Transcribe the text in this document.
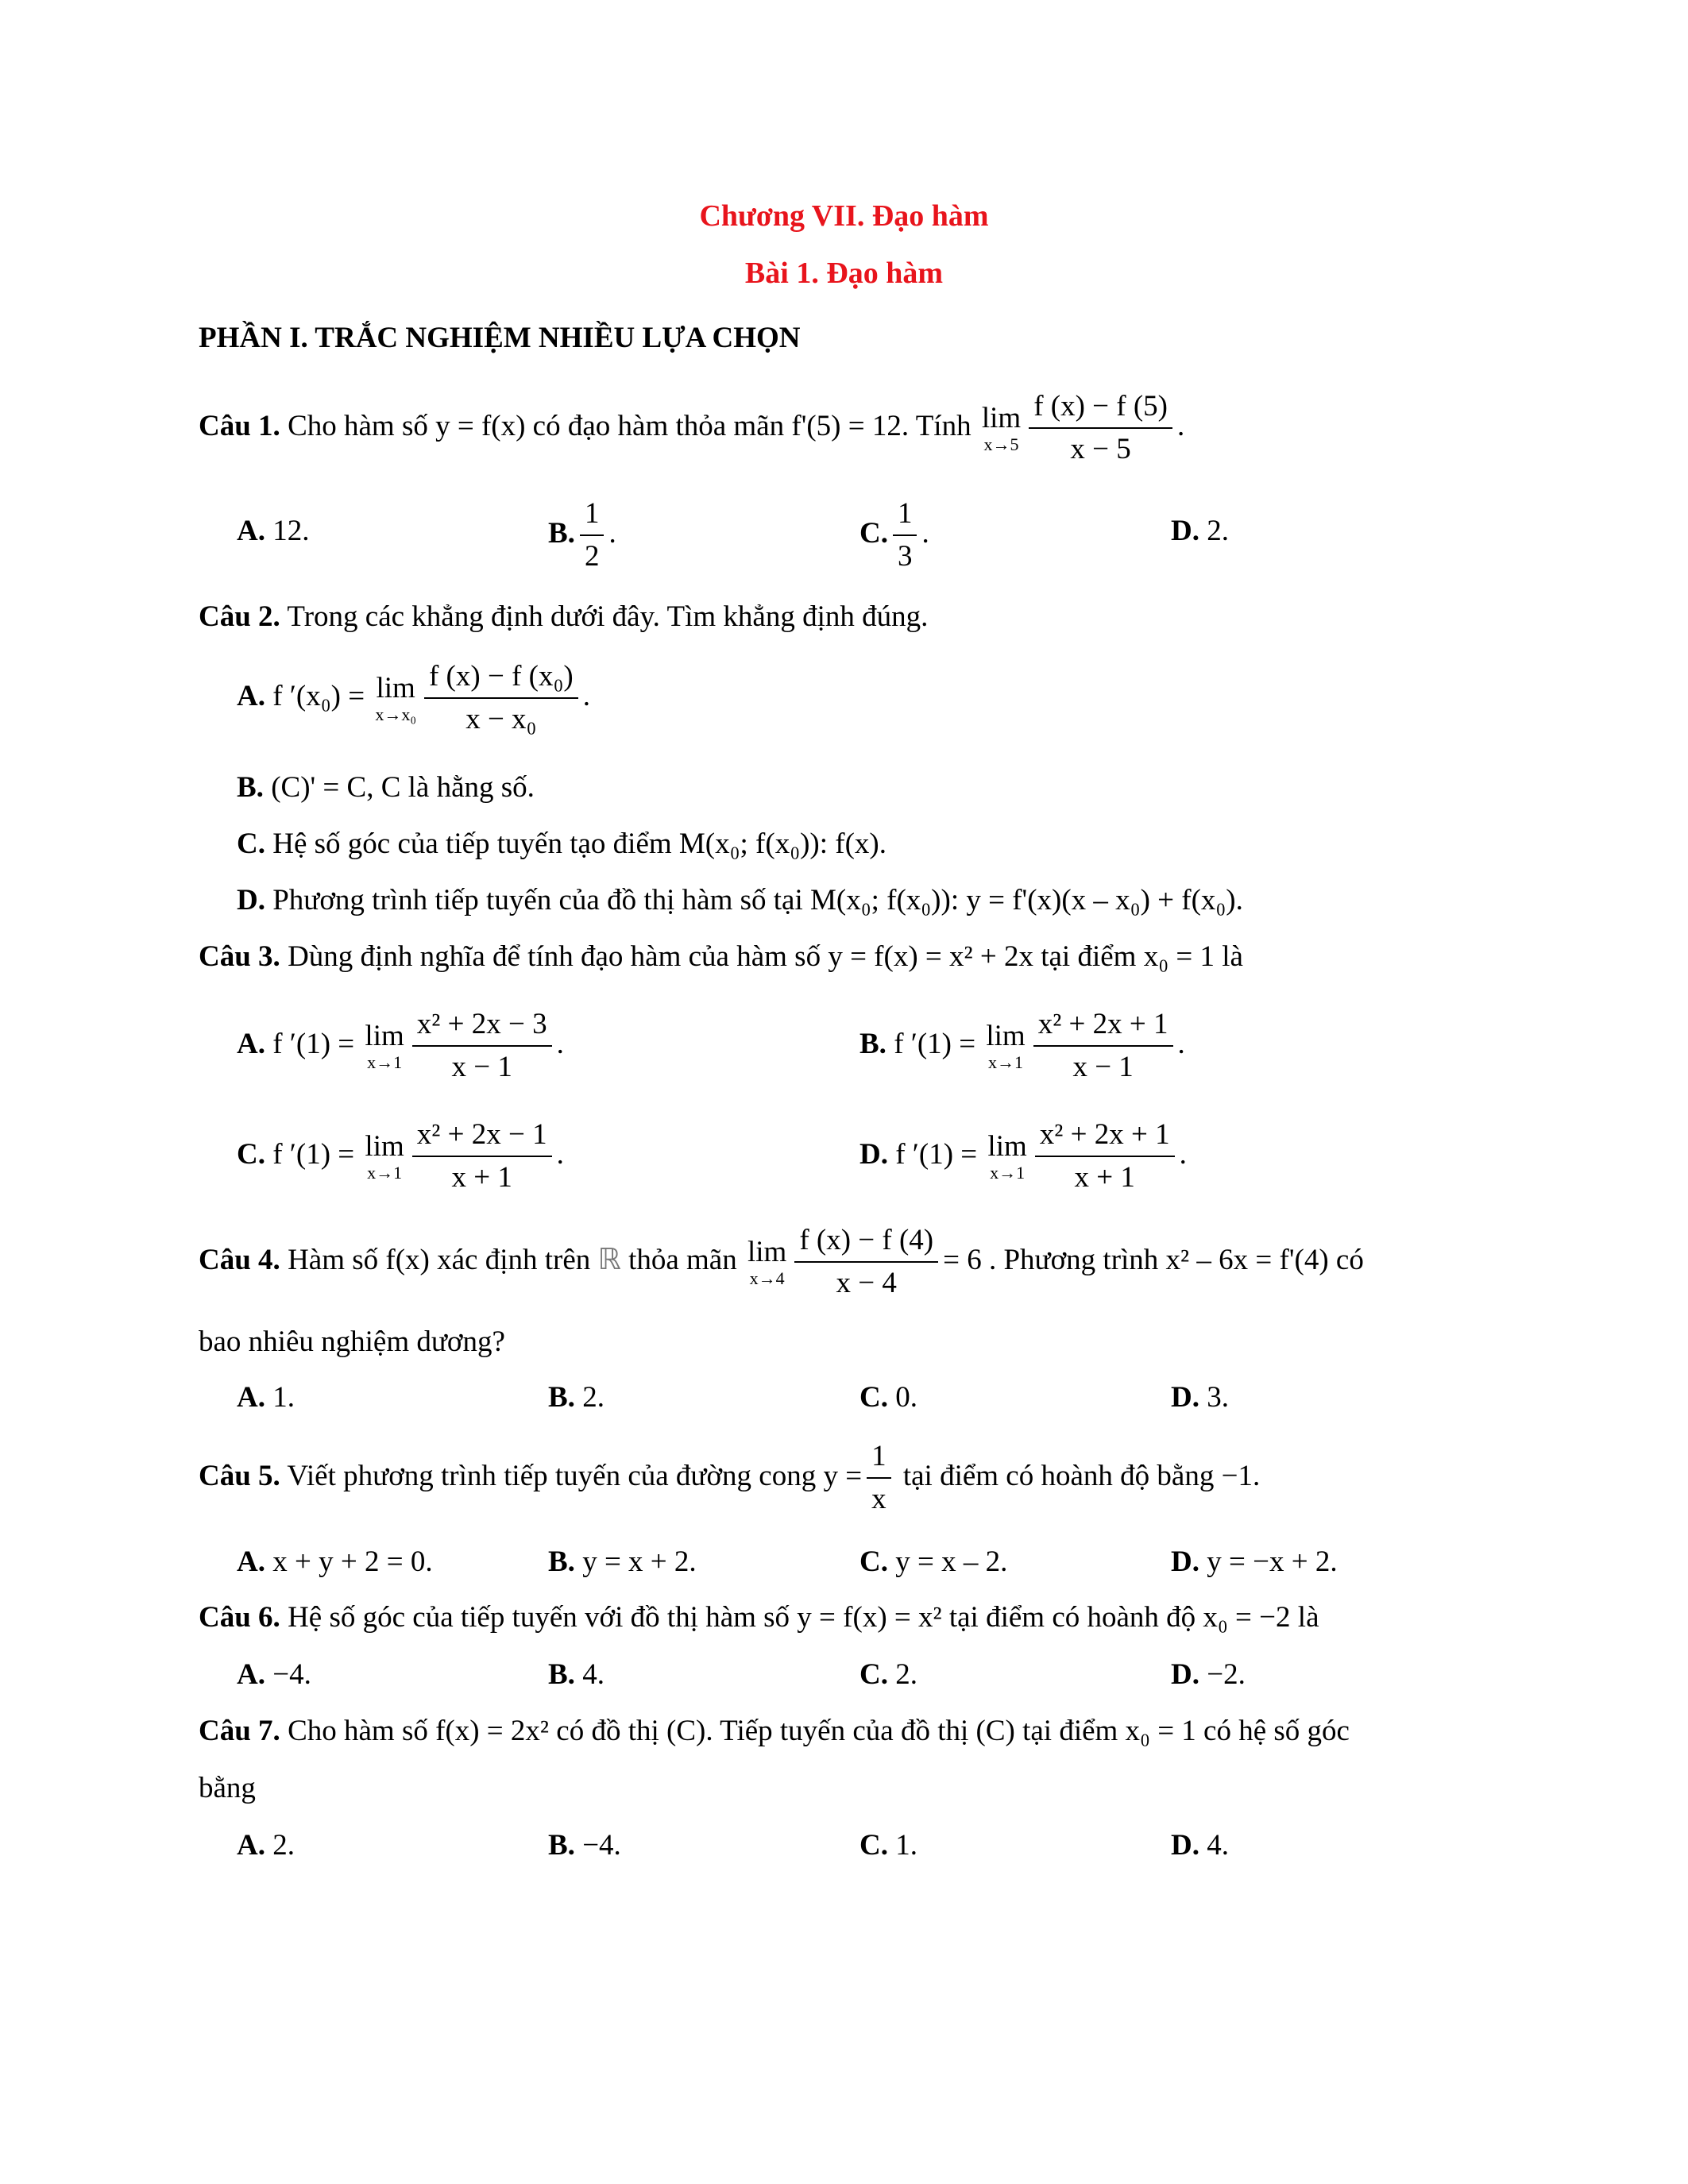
Chương VII. Đạo hàm
Bài 1. Đạo hàm
PHẦN I. TRẮC NGHIỆM NHIỀU LỰA CHỌN
Câu 1. Cho hàm số y = f(x) có đạo hàm thỏa mãn f'(5) = 12. Tính lim
$x\to 5 \frac{f (x) - f (5)}{x - 5}$ .
A. 12.	B. $\frac{1}{2}$ .	C. $\frac{1}{3}$ .	D. 2.
Câu 2. Trong các khẳng định dưới đây. Tìm khẳng định đúng.
A. f ′(x₀) = lim
$x\to x_0 \frac{\text{f (x) − f (x₀)}}{\text{x − x₀}}$ .
B. (C)' = C, C là hằng số.
C. Hệ số góc của tiếp tuyến tạo điểm M(x₀; f(x₀)): f(x).
D. Phương trình tiếp tuyến của đồ thị hàm số tại M(x₀; f(x₀)): y = f'(x)(x – x₀) + f(x₀).
Câu 3. Dùng định nghĩa để tính đạo hàm của hàm số y = f(x) = x² + 2x tại điểm x₀ = 1 là
A. f ′(1) = lim
$x\to 1 \frac{\text{x² + 2x − 3}}{x - 1}$ .	B. f ′(1) = lim
$x\to 1 \frac{\text{x² + 2x + 1}}{x - 1}$ .
C. f ′(1) = lim
$x\to 1 \frac{\text{x² + 2x − 1}}{x + 1}$ .	D. f ′(1) = lim
$x\to 1 \frac{\text{x² + 2x + 1}}{x + 1}$ .
Câu 4. Hàm số f(x) xác định trên ℝ thỏa mãn lim
$x\to 4 \frac{f (x) - f (4)}{x - 4} = 6$ . Phương trình x² – 6x = f'(4) có
bao nhiêu nghiệm dương?
A. 1.	B. 2.	C. 0.	D. 3.
Câu 5. Viết phương trình tiếp tuyến của đường cong $y = \frac{1}{x}$ tại điểm có hoành độ bằng −1.
A. x + y + 2 = 0.	B. y = x + 2.	C. y = x – 2.	D. y = −x + 2.
Câu 6. Hệ số góc của tiếp tuyến với đồ thị hàm số y = f(x) = x² tại điểm có hoành độ x₀ = −2 là
A. −4.	B. 4.	C. 2.	D. −2.
Câu 7. Cho hàm số f(x) = 2x² có đồ thị (C). Tiếp tuyến của đồ thị (C) tại điểm x₀ = 1 có hệ số góc
bằng
A. 2.	B. −4.	C. 1.	D. 4.
